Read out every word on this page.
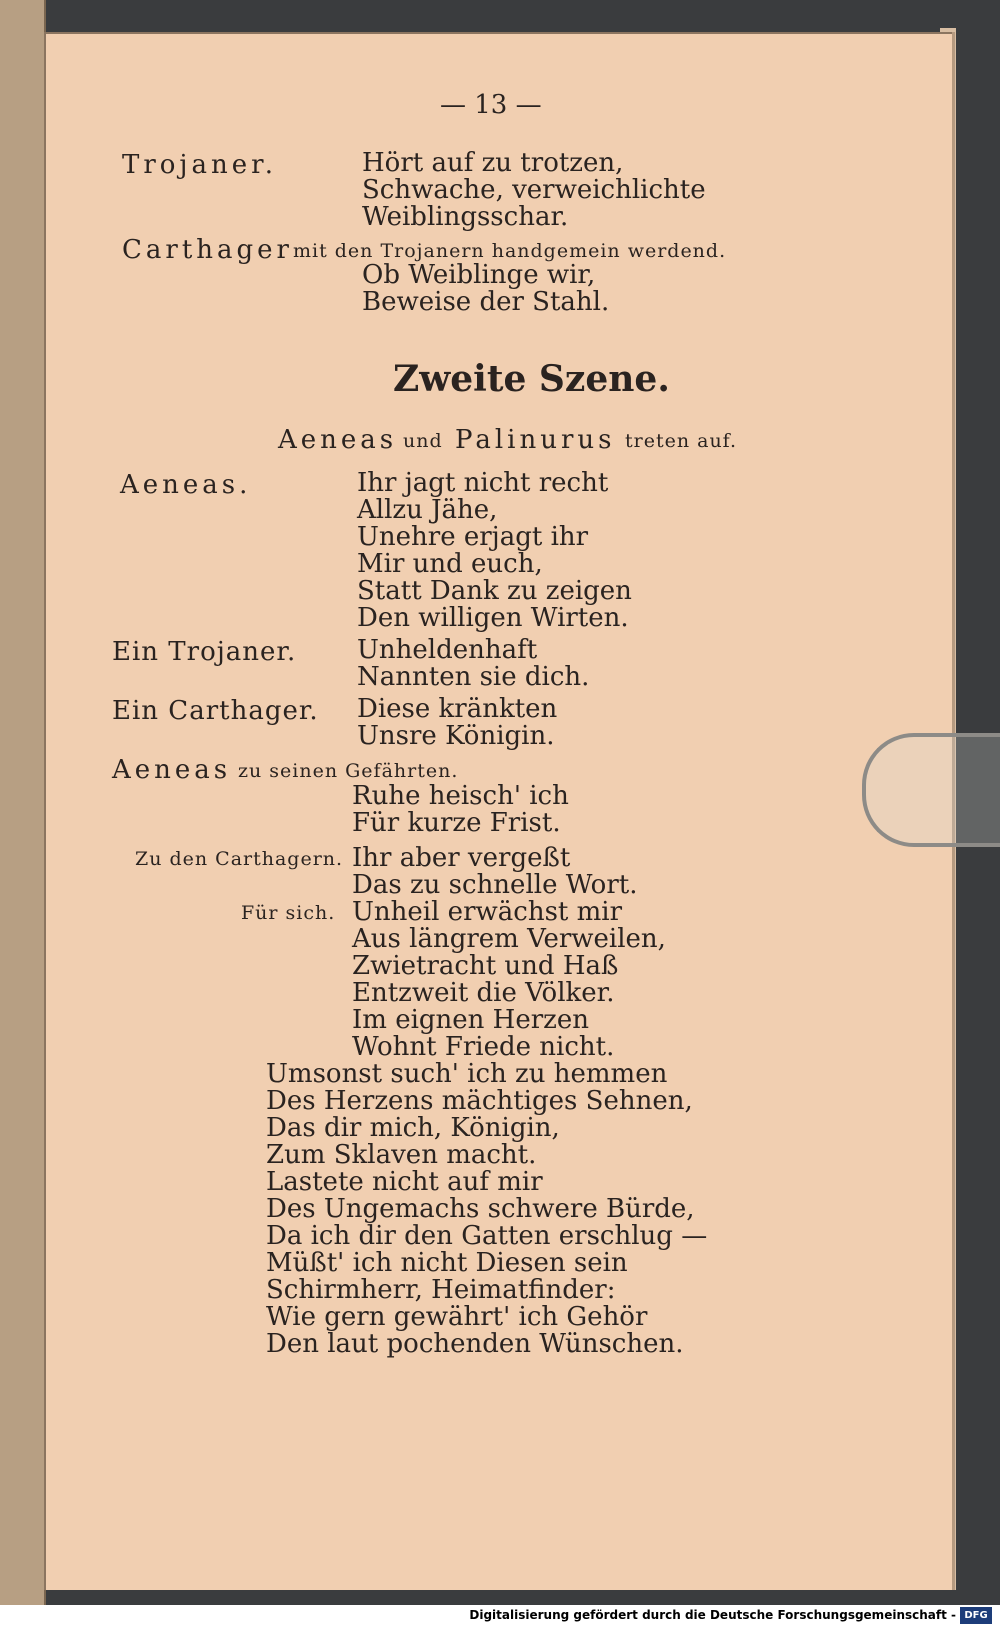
— 13 —
Trojaner.	Hört auf zu trotzen,
Schwache, verweichlichte
Weiblingsschar.
Carthager mit den Trojanern handgemein werdend.
Ob Weiblinge wir,
Beweise der Stahl.
Zweite Szene.
Aeneas und Palinurus treten auf.
Aeneas.	Ihr jagt nicht recht
Allzu Jähe,
Unehre erjagt ihr
Mir und euch,
Statt Dank zu zeigen
Den willigen Wirten.
Ein Trojaner. Unheldenhaft
Nannten sie dich.
Ein Carthager. Diese kränkten
Unsre Königin.
Aeneas zu seinen Gefährten.
Ruhe heisch' ich
Für kurze Frist.
Zu den Carthagern. Ihr aber vergeßt
Das zu schnelle Wort.
Für sich. Unheil erwächst mir
Aus längrem Verweilen,
Zwietracht und Haß
Entzweit die Völker.
Im eignen Herzen
Wohnt Friede nicht.
Umsonst such' ich zu hemmen
Des Herzens mächtiges Sehnen,
Das dir mich, Königin,
Zum Sklaven macht.
Lastete nicht auf mir
Des Ungemachs schwere Bürde,
Da ich dir den Gatten erschlug —
Müßt' ich nicht Diesen sein
Schirmherr, Heimatfinder:
Wie gern gewährt' ich Gehör
Den laut pochenden Wünschen.
Digitalisierung gefördert durch die Deutsche Forschungsgemeinschaft - DFG
